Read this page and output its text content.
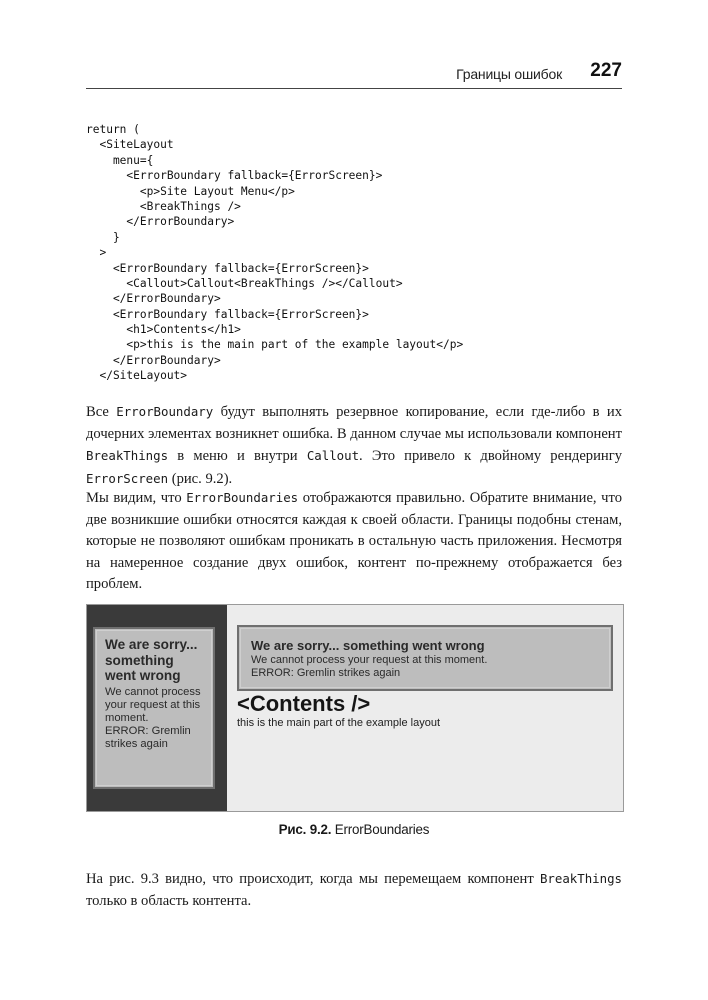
Границы ошибок 227
return (
<SiteLayout
menu={
<ErrorBoundary fallback={ErrorScreen}>
<p>Site Layout Menu</p>
<BreakThings />
</ErrorBoundary>
}
>
<ErrorBoundary fallback={ErrorScreen}>
<Callout>Callout<BreakThings /></Callout>
</ErrorBoundary>
<ErrorBoundary fallback={ErrorScreen}>
<h1>Contents</h1>
<p>this is the main part of the example layout</p>
</ErrorBoundary>
</SiteLayout>

Все ErrorBoundary будут выполнять резервное копирование, если где-либо в их дочерних элементах возникнет ошибка. В данном случае мы использовали компонент BreakThings в меню и внутри Callout. Это привело к двойному рендерингу ErrorScreen (рис. 9.2).

Мы видим, что ErrorBoundaries отображаются правильно. Обратите внимание, что две возникшие ошибки относятся каждая к своей области. Границы подобны стенам, которые не позволяют ошибкам проникать в остальную часть приложения. Несмотря на намеренное создание двух ошибок, контент по-прежнему отображается без проблем.

We are sorry... something went wrong

We cannot process your request at this moment.

ERROR: Gremlin strikes again

We are sorry... something went wrong

We cannot process your request at this moment.

ERROR: Gremlin strikes again

<Contents />

this is the main part of the example layout

Рис. 9.2. ErrorBoundaries

На рис. 9.3 видно, что происходит, когда мы перемещаем компонент BreakThings только в область контента.
